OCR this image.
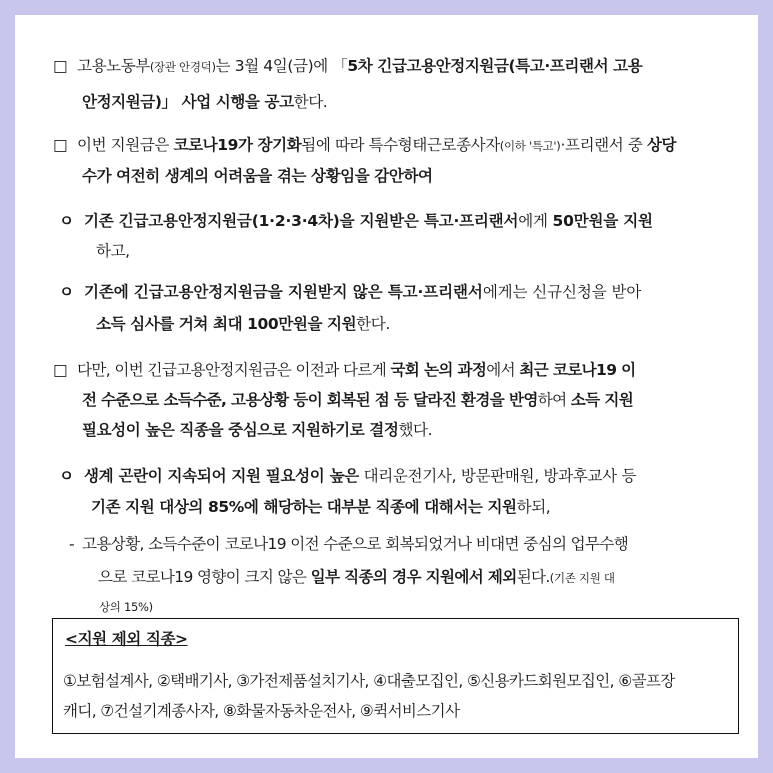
□ 고용노동부(장관 안경덕)는 3월 4일(금)에 「5차 긴급고용안정지원금(특고·프리랜서 고용
안정지원금)」 사업 시행을 공고한다.
□ 이번 지원금은 코로나19가 장기화됨에 따라 특수형태근로종사자(이하 '특고')·프리랜서 중 상당
수가 여전히 생계의 어려움을 겪는 상황임을 감안하여
ㅇ 기존 긴급고용안정지원금(1·2·3·4차)을 지원받은 특고·프리랜서에게 50만원을 지원
하고,
ㅇ 기존에 긴급고용안정지원금을 지원받지 않은 특고·프리랜서에게는 신규신청을 받아
소득 심사를 거쳐 최대 100만원을 지원한다.
□ 다만, 이번 긴급고용안정지원금은 이전과 다르게 국회 논의 과정에서 최근 코로나19 이
전 수준으로 소득수준, 고용상황 등이 회복된 점 등 달라진 환경을 반영하여 소득 지원
필요성이 높은 직종을 중심으로 지원하기로 결정했다.
ㅇ 생계 곤란이 지속되어 지원 필요성이 높은 대리운전기사, 방문판매원, 방과후교사 등
기존 지원 대상의 85%에 해당하는 대부분 직종에 대해서는 지원하되,
- 고용상황, 소득수준이 코로나19 이전 수준으로 회복되었거나 비대면 중심의 업무수행
으로 코로나19 영향이 크지 않은 일부 직종의 경우 지원에서 제외된다.(기존 지원 대
상의 15%)
<지원 제외 직종>
①보험설계사, ②택배기사, ③가전제품설치기사, ④대출모집인, ⑤신용카드회원모집인, ⑥골프장
캐디, ⑦건설기계종사자, ⑧화물자동차운전사, ⑨퀵서비스기사
